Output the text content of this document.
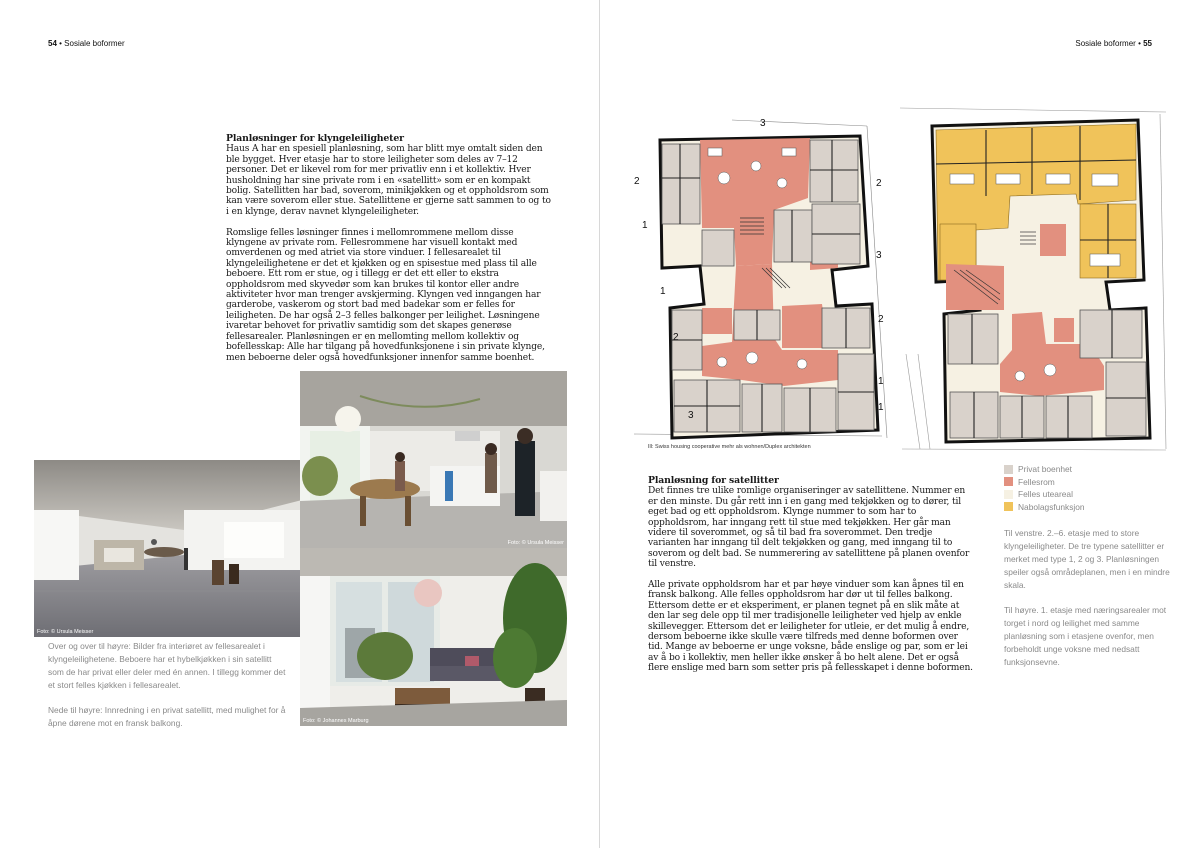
54 • Sosiale boformer
Planløsninger for klyngeleiligheter

Haus A har en spesiell planløsning, som har blitt mye omtalt siden den ble bygget. Hver etasje har to store leiligheter som deles av 7–12 personer. Det er likevel rom for mer privatliv enn i et kollektiv. Hver husholdning har sine private rom i en «satellitt» som er en kompakt bolig. Satellitten har bad, soverom, minikjøkken og et oppholdsrom som kan være soverom eller stue. Satellittene er gjerne satt sammen to og to i en klynge, derav navnet klyngeleiligheter.

Romslige felles løsninger finnes i mellomrommene mellom disse klyngene av private rom. Fellesrommene har visuell kontakt med omverdenen og med atriet via store vinduer. I fellesarealet til klyngeleilighetene er det et kjøkken og en spisestue med plass til alle beboere. Ett rom er stue, og i tillegg er det ett eller to ekstra oppholdsrom med skyvedør som kan brukes til kontor eller andre aktiviteter hvor man trenger avskjerming. Klyngen ved inngangen har garderobe, vaskerom og stort bad med badekar som er felles for leiligheten. De har også 2–3 felles balkonger per leilighet. Løsningene ivaretar behovet for privatliv samtidig som det skapes generøse fellesarealer. Planløsningen er en mellomting mellom kollektiv og bofellesskap: Alle har tilgang på hovedfunksjonene i sin private klynge, men beboerne deler også hovedfunksjoner innenfor samme boenhet.

Foto: © Ursula Meisser
Foto: © Ursula Meisser
Foto: © Johannes Marburg

Over og over til høyre: Bilder fra interiøret av fellesarealet i klyngeleilighetene. Beboere har et hybelkjøkken i sin satellitt som de har privat eller deler med én annen. I tillegg kommer det et stort felles kjøkken i fellesarealet.

Nede til høyre: Innredning i en privat satellitt, med mulighet for å åpne dørene mot en fransk balkong.

Sosiale boformer • 55
3
2	2
1
3
1
2
2
1
1
3
Ill: Swiss housing cooperative mehr als wohnen/Duplex architekten
Planløsning for satellitter

Det finnes tre ulike romlige organiseringer av satellittene. Nummer en er den minste. Du går rett inn i en gang med tekjøkken og to dører, til eget bad og ett oppholdsrom. Klynge nummer to som har to oppholdsrom, har inngang rett til stue med tekjøkken. Her går man videre til soverommet, og så til bad fra soverommet. Den tredje varianten har inngang til delt tekjøkken og gang, med inngang til to soverom og delt bad. Se nummerering av satellittene på planen ovenfor til venstre.

Alle private oppholdsrom har et par høye vinduer som kan åpnes til en fransk balkong. Alle felles oppholdsrom har dør ut til felles balkong. Ettersom dette er et eksperiment, er planen tegnet på en slik måte at den lar seg dele opp til mer tradisjonelle leiligheter ved hjelp av enkle skillevegger. Ettersom det er leiligheter for utleie, er det mulig å endre, dersom beboerne ikke skulle være tilfreds med denne boformen over tid. Mange av beboerne er unge voksne, både enslige og par, som er lei av å bo i kollektiv, men heller ikke ønsker å bo helt alene. Det er også flere enslige med barn som setter pris på fellesskapet i denne boformen.

Privat boenhet
Fellesrom
Felles uteareal
Nabolagsfunksjon

Til venstre. 2.–6. etasje med to store klyngeleiligheter. De tre typene satellitter er merket med type 1, 2 og 3. Planløsningen speiler også områdeplanen, men i en mindre skala.

Til høyre. 1. etasje med næringsarealer mot torget i nord og leilighet med samme planløsning som i etasjene ovenfor, men forbeholdt unge voksne med nedsatt funksjonsevne.
